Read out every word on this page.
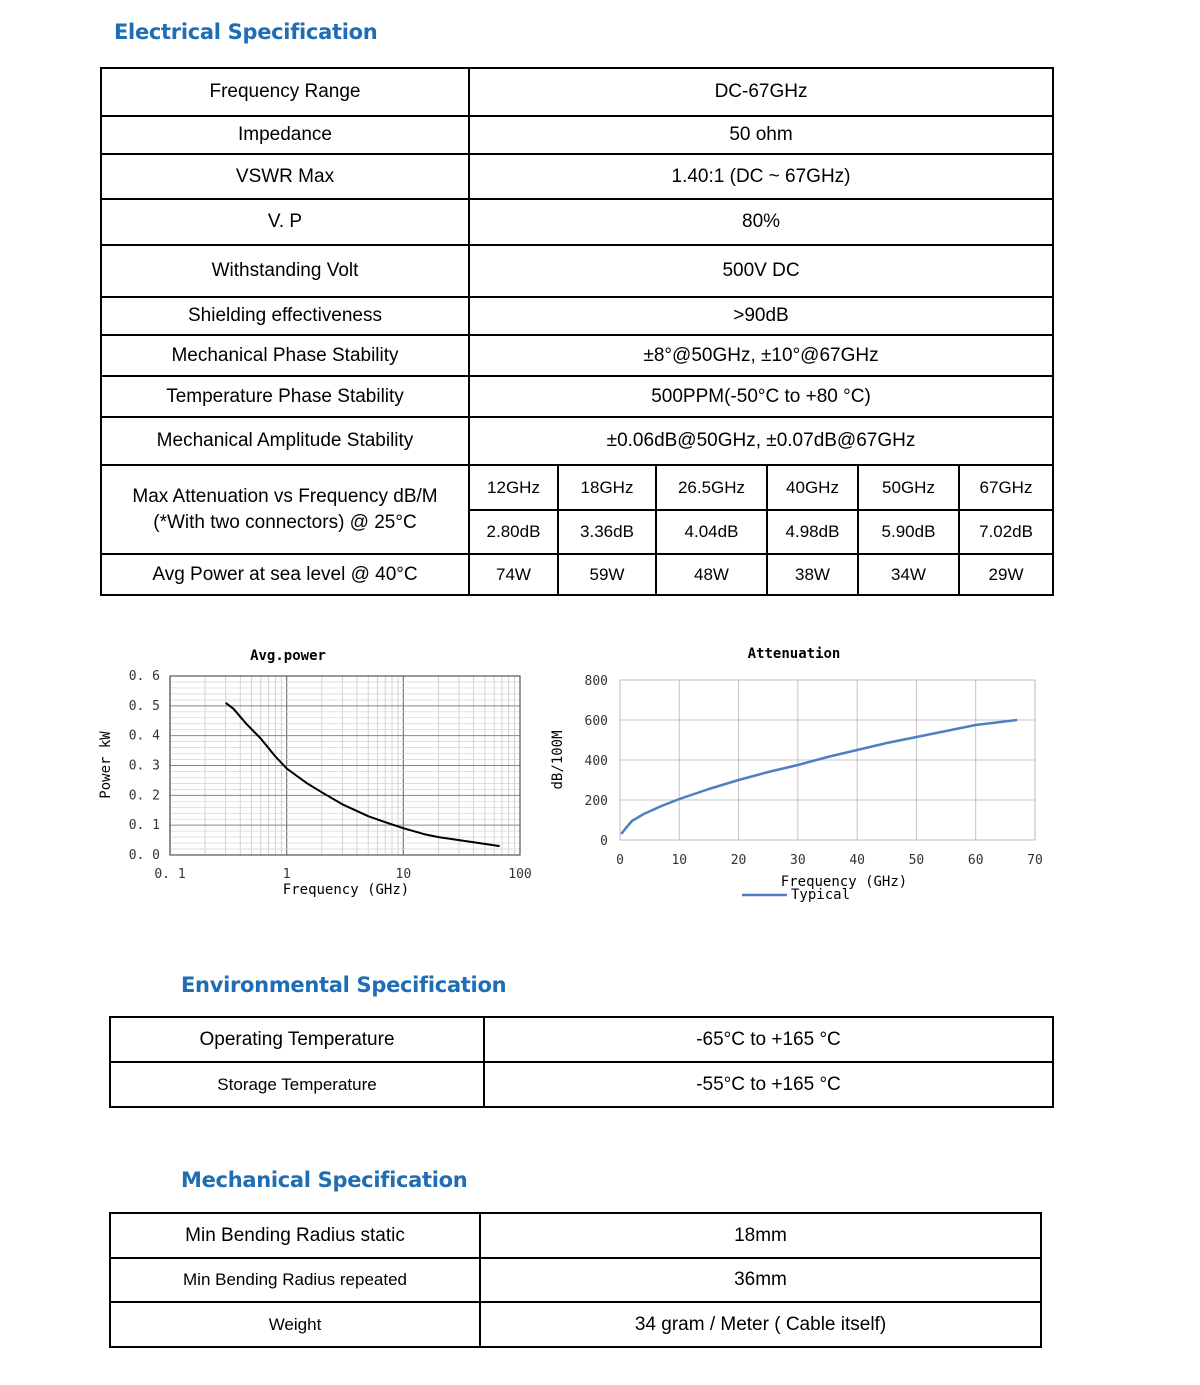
Electrical Specification
Frequency Range	DC-67GHz					
Impedance	50 ohm					
VSWR Max	1.40:1 (DC ~ 67GHz)					
V. P	80%					
Withstanding Volt	500V DC					
Shielding effectiveness	>90dB					
Mechanical Phase Stability	±8°@50GHz, ±10°@67GHz					
Temperature Phase Stability	500PPM(-50°C to +80 °C)					
Mechanical Amplitude Stability	±0.06dB@50GHz, ±0.07dB@67GHz					

Max Attenuation vs Frequency dB/M
(*With two connectors) @ 25°C	12GHz	18GHz	26.5GHz	40GHz	50GHz	67GHz
	2.80dB	3.36dB	4.04dB	4.98dB	5.90dB	7.02dB
Avg Power at sea level @ 40°C	74W	59W	48W	38W	34W	29W
0. 1	1	10	100
0. 0
0. 1
0. 2
0. 3
0. 4
0. 5
0. 6
Avg.power
Frequency (GHz)
Power kW
0	10	20	30	40	50	60	70
0
200
400
600
800
Attenuation
Frequency (GHz)
dB/100M
Typical
Environmental Specification
Operating Temperature	-65°C to +165 °C
Storage Temperature	-55°C to +165 °C
Mechanical Specification
Min Bending Radius static	18mm
Min Bending Radius repeated	36mm
Weight	34 gram / Meter ( Cable itself)
